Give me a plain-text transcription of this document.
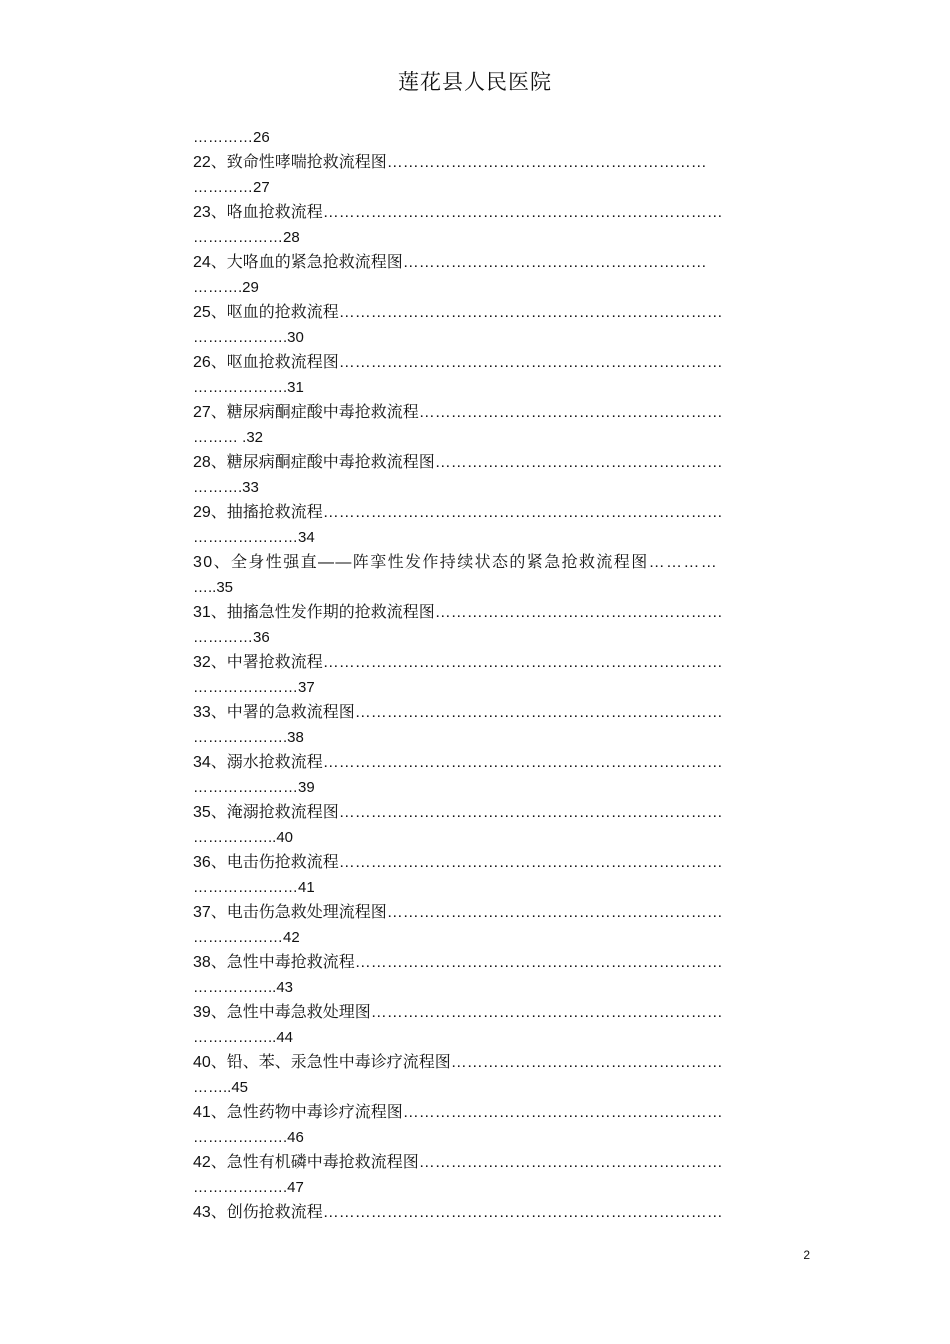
莲花县人民医院
…………26
22、致命性哮喘抢救流程图……………………………………………………
…………27
23、咯血抢救流程…………………………………………………………………
………………28
24、大咯血的紧急抢救流程图…………………………………………………
……….29
25、呕血的抢救流程………………………………………………………………
……………….30
26、呕血抢救流程图………………………………………………………………
……………….31
27、糖尿病酮症酸中毒抢救流程…………………………………………………
……… .32
28、糖尿病酮症酸中毒抢救流程图………………………………………………
……….33
29、抽搐抢救流程…………………………………………………………………
…………………34
30、全身性强直——阵挛性发作持续状态的紧急抢救流程图…………
…..35
31、抽搐急性发作期的抢救流程图………………………………………………
…………36
32、中署抢救流程…………………………………………………………………
…………………37
33、中署的急救流程图……………………………………………………………
……………….38
34、溺水抢救流程…………………………………………………………………
…………………39
35、淹溺抢救流程图………………………………………………………………
……………..40
36、电击伤抢救流程………………………………………………………………
…………………41
37、电击伤急救处理流程图………………………………………………………
………………42
38、急性中毒抢救流程……………………………………………………………
……………..43
39、急性中毒急救处理图…………………………………………………………
……………..44
40、铅、苯、汞急性中毒诊疗流程图……………………………………………
……..45
41、急性药物中毒诊疗流程图……………………………………………………
……………….46
42、急性有机磷中毒抢救流程图…………………………………………………
……………….47
43、创伤抢救流程…………………………………………………………………
2
